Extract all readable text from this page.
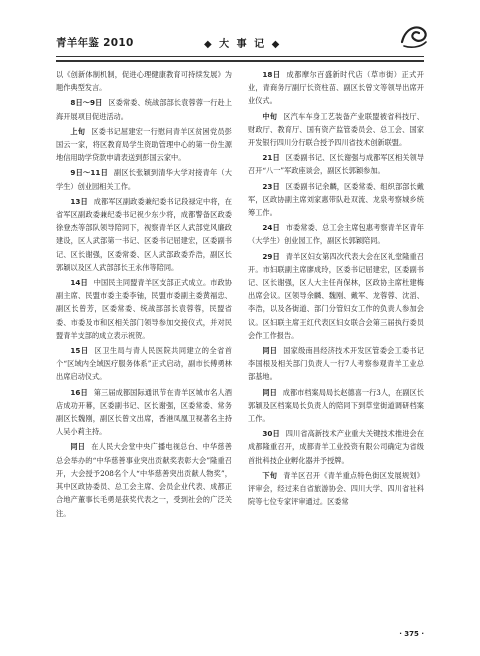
青羊年鉴 2010	◆ 大 事 记 ◆

以《创新体制机制，促进心理健康教育可持续发展》为题作典型发言。

8日～9日 区委常委、统战部部长袁蓉蓉一行赴上海开展项目促进活动。

上旬 区委书记屈建宏一行慰问青羊区贫困党员彭国云一家，将区教育局学生资助管理中心的第一份生源地信用助学贷款申请表送到彭国云家中。

9日～11日 副区长张颖到清华大学对接青年（大学生）创业园相关工作。

13日 成都军区副政委兼纪委书记段禄定中将，在省军区副政委兼纪委书记祝少东少将，成都警备区政委徐登杰等部队领导陪同下，视察青羊区人武部党风廉政建设，区人武部第一书记、区委书记屈建宏，区委副书记、区长谢强，区委常委、区人武部政委乔浩，副区长郭颖以及区人武部部长王永伟等陪同。

14日 中国民主同盟青羊区支部正式成立。市政协副主席、民盟市委主委李铀，民盟市委副主委黄福忠、副区长曾芳，区委常委、统战部部长袁蓉蓉，民盟省委、市委及市和区相关部门领导参加交接仪式，并对民盟青羊支部的成立表示祝贺。

15日 区卫生局与青人民医院共同建立的全省首个“区域内全域医疗服务体系”正式启动，副市长傅勇林出席启动仪式。

16日 第三届成都国际通讯节在青羊区城市名人酒店成功开幕，区委副书记、区长谢强，区委常委、常务副区长魏刚，副区长曾文出席，香港凤凰卫视著名主持人吴小莉主持。

同日 在人民大会堂中央广播电视总台、中华慈善总会举办的“中华慈善事业突出贡献奖表彰大会”隆重召开，大会授予208名个人“中华慈善突出贡献人物奖”，其中区政协委员、总工会主席、会员企业代表、成都正合地产董事长毛勇是获奖代表之一，受到社会的广泛关注。

18日 成都摩尔百盛新时代店（草市街）正式开业，青商务厅副厅长资柱苗、副区长曾文等领导出席开业仪式。

中旬 区汽车车身工艺装备产业联盟被省科技厅、财政厅、教育厅、国有资产监管委员会、总工会、国家开发银行四川分行联合授予四川省技术创新联盟。

21日 区委副书记、区长谢强与成都军区相关领导召开“八一”军政座谈会，副区长郭颖参加。

23日 区委副书记余麟，区委常委、组织部部长戴军，区政协副主席刘家惠带队赴双流、龙泉考察城乡统筹工作。

24日 市委常委、总工会主席包惠考察青羊区青年（大学生）创业园工作，副区长郭颖陪同。

29日 青羊区妇女第四次代表大会在区礼堂隆重召开。市妇联副主席廖成玲，区委书记屈建宏，区委副书记、区长谢强，区人大主任肖保林，区政协主席杜建梅出席会议。区领导余麟、魏刚、戴军、龙蓉蓉、沈滔、李浩，以及各街道、部门分管妇女工作的负责人参加会议。区妇联主席王红代表区妇女联合会第三届执行委员会作工作报告。

同日 国家级南昌经济技术开发区管委会工委书记李国根及相关部门负责人一行7人考察参观青羊工业总部基地。

同日 成都市档案局局长赵德喜一行3人，在副区长郭颖及区档案局长负责人的陪同下到草堂街道调研档案工作。

30日 四川省高新技术产业重大关键技术推进会在成都隆重召开，成都青羊工业投资有限公司确定为省级首批科技企业孵化器并予授牌。

下旬 青羊区召开《青羊重点特色街区发展规划》评审会，经过来自省旅游协会、四川大学、四川省社科院等七位专家评审通过。区委常

· 375 ·
